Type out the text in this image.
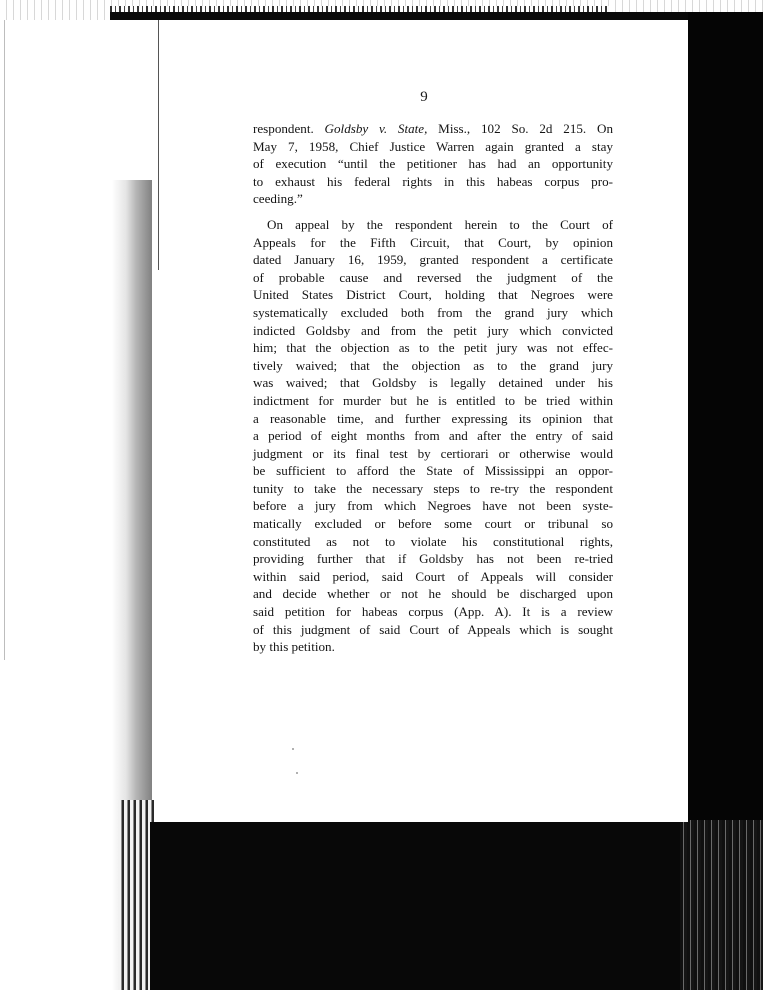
9
respondent. Goldsby v. State, Miss., 102 So. 2d 215. On
May 7, 1958, Chief Justice Warren again granted a stay
of execution “until the petitioner has had an opportunity
to exhaust his federal rights in this habeas corpus pro-
ceeding.”
On appeal by the respondent herein to the Court of
Appeals for the Fifth Circuit, that Court, by opinion
dated January 16, 1959, granted respondent a certificate
of probable cause and reversed the judgment of the
United States District Court, holding that Negroes were
systematically excluded both from the grand jury which
indicted Goldsby and from the petit jury which convicted
him; that the objection as to the petit jury was not effec-
tively waived; that the objection as to the grand jury
was waived; that Goldsby is legally detained under his
indictment for murder but he is entitled to be tried within
a reasonable time, and further expressing its opinion that
a period of eight months from and after the entry of said
judgment or its final test by certiorari or otherwise would
be sufficient to afford the State of Mississippi an oppor-
tunity to take the necessary steps to re-try the respondent
before a jury from which Negroes have not been syste-
matically excluded or before some court or tribunal so
constituted as not to violate his constitutional rights,
providing further that if Goldsby has not been re-tried
within said period, said Court of Appeals will consider
and decide whether or not he should be discharged upon
said petition for habeas corpus (App. A). It is a review
of this judgment of said Court of Appeals which is sought
by this petition.
